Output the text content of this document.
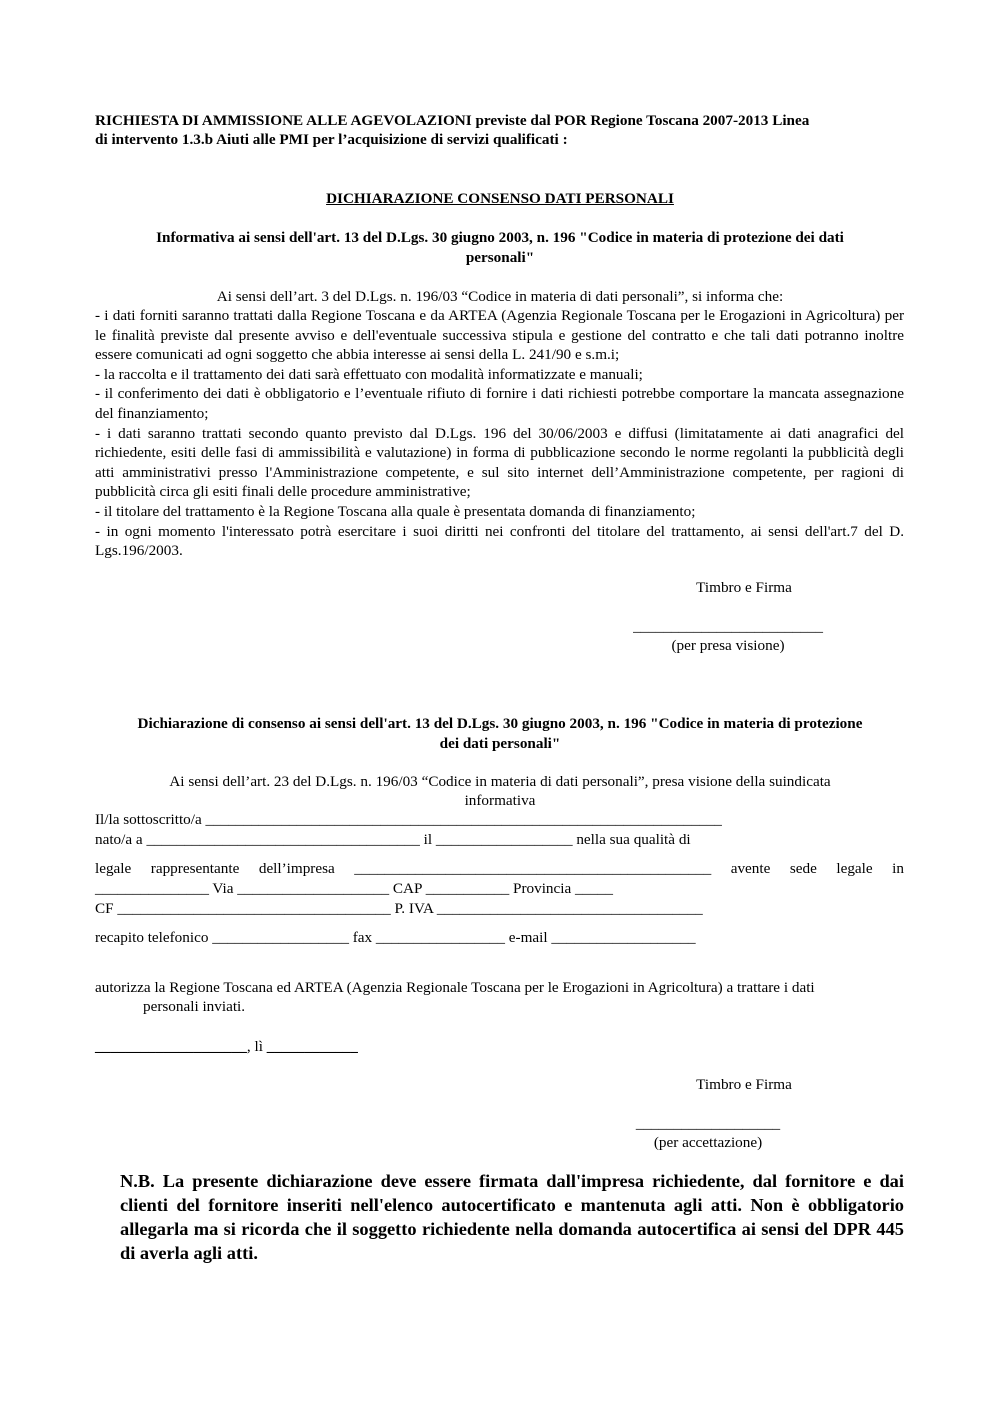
RICHIESTA DI AMMISSIONE ALLE AGEVOLAZIONI previste dal POR Regione Toscana 2007-2013 Linea
di intervento 1.3.b Aiuti alle PMI per l’acquisizione di servizi qualificati :
DICHIARAZIONE CONSENSO DATI PERSONALI
Informativa ai sensi dell'art. 13 del D.Lgs. 30 giugno 2003, n. 196 "Codice in materia di protezione dei dati
personali"
Ai sensi dell’art. 3 del D.Lgs. n. 196/03 “Codice in materia di dati personali”, si informa che:

- i dati forniti saranno trattati dalla Regione Toscana e da ARTEA (Agenzia Regionale Toscana per le Erogazioni in Agricoltura) per le finalità previste dal presente avviso e dell'eventuale successiva stipula e gestione del contratto e che tali dati potranno inoltre essere comunicati ad ogni soggetto che abbia interesse ai sensi della L. 241/90 e s.m.i;

- la raccolta e il trattamento dei dati sarà effettuato con modalità informatizzate e manuali;

- il conferimento dei dati è obbligatorio e l’eventuale rifiuto di fornire i dati richiesti potrebbe comportare la mancata assegnazione del finanziamento;

- i dati saranno trattati secondo quanto previsto dal D.Lgs. 196 del 30/06/2003 e diffusi (limitatamente ai dati anagrafici del richiedente, esiti delle fasi di ammissibilità e valutazione) in forma di pubblicazione secondo le norme regolanti la pubblicità degli atti amministrativi presso l'Amministrazione competente, e sul sito internet dell’Amministrazione competente, per ragioni di pubblicità circa gli esiti finali delle procedure amministrative;

- il titolare del trattamento è la Regione Toscana alla quale è presentata domanda di finanziamento;

- in ogni momento l'interessato potrà esercitare i suoi diritti nei confronti del titolare del trattamento, ai sensi dell'art.7 del D. Lgs.196/2003.

Timbro e Firma
_________________________
(per presa visione)
Dichiarazione di consenso ai sensi dell'art. 13 del D.Lgs. 30 giugno 2003, n. 196 "Codice in materia di protezione
dei dati personali"
Ai sensi dell’art. 23 del D.Lgs. n. 196/03 “Codice in materia di dati personali”, presa visione della suindicata
informativa
Il/la sottoscritto/a ____________________________________________________________________
nato/a a ____________________________________ il __________________ nella sua qualità di
legale rappresentante dell’impresa _______________________________________________ avente sede legale in
_______________ Via ____________________ CAP ___________ Provincia _____
CF ____________________________________ P. IVA ___________________________________
recapito telefonico __________________ fax _________________ e-mail ___________________
autorizza la Regione Toscana ed ARTEA (Agenzia Regionale Toscana per le Erogazioni in Agricoltura) a trattare i dati
personali inviati.
____________________, lì ____________
Timbro e Firma
___________________
(per accettazione)
N.B. La presente dichiarazione deve essere firmata dall'impresa richiedente, dal fornitore e dai clienti del fornitore inseriti nell'elenco autocertificato e mantenuta agli atti. Non è obbligatorio allegarla ma si ricorda che il soggetto richiedente nella domanda autocertifica ai sensi del DPR 445 di averla agli atti.
